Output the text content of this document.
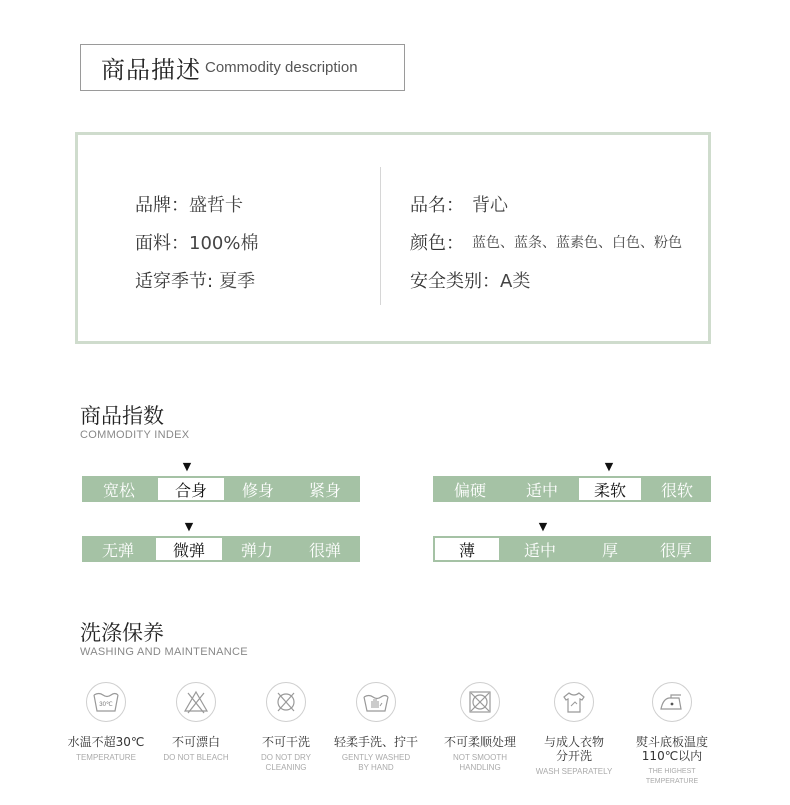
商品描述 Commodity description
品牌： 盛哲卡
面料： 100%棉
适穿季节: 夏季
品名： 背心
颜色： 蓝色、蓝条、蓝素色、白色、粉色
安全类别： A类
商品指数
COMMODITY INDEX
▼
宽松	合身	修身	紧身
▼
偏硬	适中	柔软	很软
▼
无弹	微弹	弹力	很弹
▼
薄	适中	厚	很厚
洗涤保养
WASHING AND MAINTENANCE
30℃
水温不超30℃
TEMPERATURE
不可漂白
DO NOT BLEACH
不可干洗
DO NOT DRY
CLEANING
轻柔手洗、拧干
GENTLY WASHED
BY HAND
不可柔顺处理
NOT SMOOTH
HANDLING
与成人衣物
分开洗
WASH SEPARATELY
熨斗底板温度
110℃以内
THE HIGHEST TEMPERATURE
